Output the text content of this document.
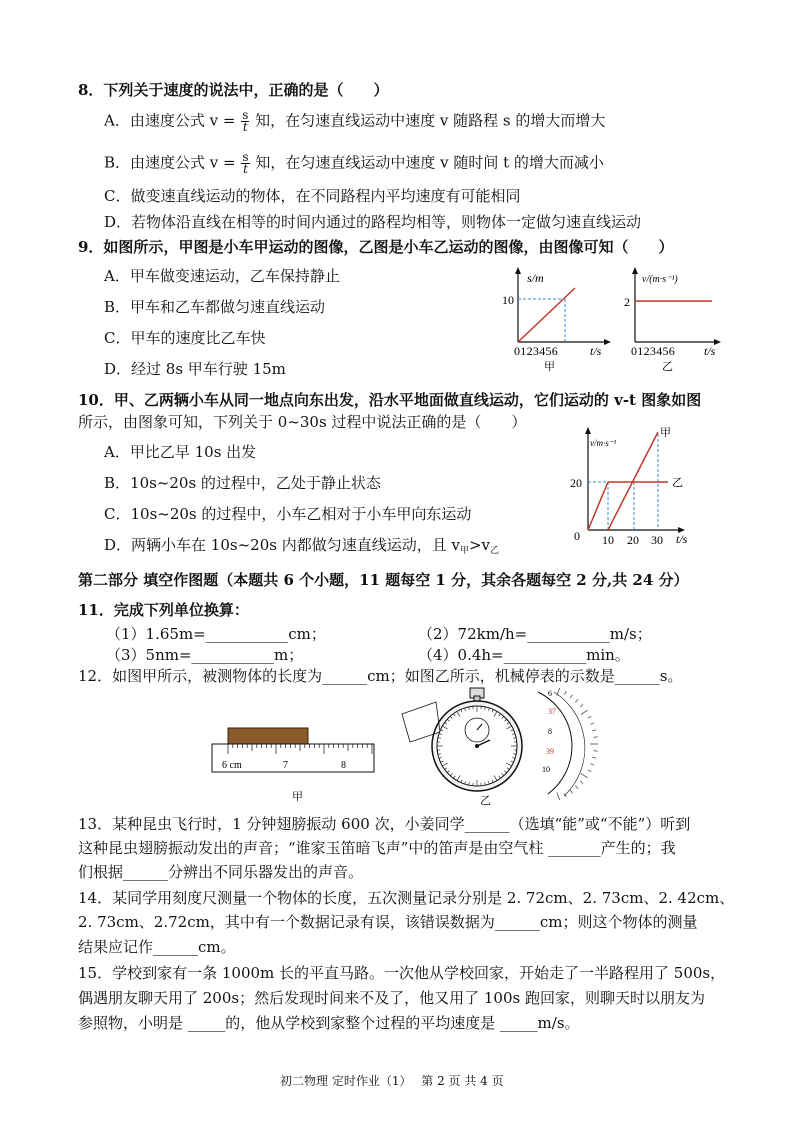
8．下列关于速度的说法中，正确的是（　　）
A．由速度公式 $v = \frac{s}{t}$ 知，在匀速直线运动中速度 v 随路程 s 的增大而增大
B．由速度公式 $v = \frac{s}{t}$ 知，在匀速直线运动中速度 v 随时间 t 的增大而减小
C．做变速直线运动的物体，在不同路程内平均速度有可能相同
D．若物体沿直线在相等的时间内通过的路程均相等，则物体一定做匀速直线运动
9．如图所示，甲图是小车甲运动的图像，乙图是小车乙运动的图像，由图像可知（　　）
A．甲车做变速运动，乙车保持静止
B．甲车和乙车都做匀速直线运动
C．甲车的速度比乙车快
D．经过 8s 甲车行驶 15m
s/m
10
0123456	t/s
甲
v/(m·s⁻¹)
2
0123456 t/s
乙
10．甲、乙两辆小车从同一地点向东出发，沿水平地面做直线运动，它们运动的 v-t 图象如图
所示，由图象可知，下列关于 0~30s 过程中说法正确的是（　　）
A．甲比乙早 10s 出发
B．10s~20s 的过程中，乙处于静止状态
C．10s~20s 的过程中，小车乙相对于小车甲向东运动
D．两辆小车在 10s~20s 内都做匀速直线运动，且 $v_甲>v_乙$
v/m·s⁻¹
20
0 10 20 30 t/s
甲
乙
第二部分 填空作图题（本题共 6 个小题，11 题每空 1 分，其余各题每空 2 分,共 24 分）
11．完成下列单位换算：
（1）1.65m=___________cm；	（2）72km/h=___________m/s；
（3）5nm=___________m；	（4）0.4h=___________min。
12．如图甲所示，被测物体的长度为______cm；如图乙所示，机械停表的示数是______s。
6 cm	7	8
甲
6
37
8
39
10
乙
13．某种昆虫飞行时，1 分钟翅膀振动 600 次，小姜同学______（选填“能”或“不能”）听到
这种昆虫翅膀振动发出的声音；“谁家玉笛暗飞声”中的笛声是由空气柱 _______产生的；我
们根据______分辨出不同乐器发出的声音。
14．某同学用刻度尺测量一个物体的长度，五次测量记录分别是 2. 72cm、2. 73cm、2. 42cm、
2. 73cm、2.72cm，其中有一个数据记录有误，该错误数据为______cm；则这个物体的测量
结果应记作______cm。
15．学校到家有一条 1000m 长的平直马路。一次他从学校回家，开始走了一半路程用了 500s，
偶遇朋友聊天用了 200s；然后发现时间来不及了，他又用了 100s 跑回家，则聊天时以朋友为
参照物，小明是 _____的，他从学校到家整个过程的平均速度是 _____m/s。
初二物理 定时作业（1）　 第 2 页 共 4 页
